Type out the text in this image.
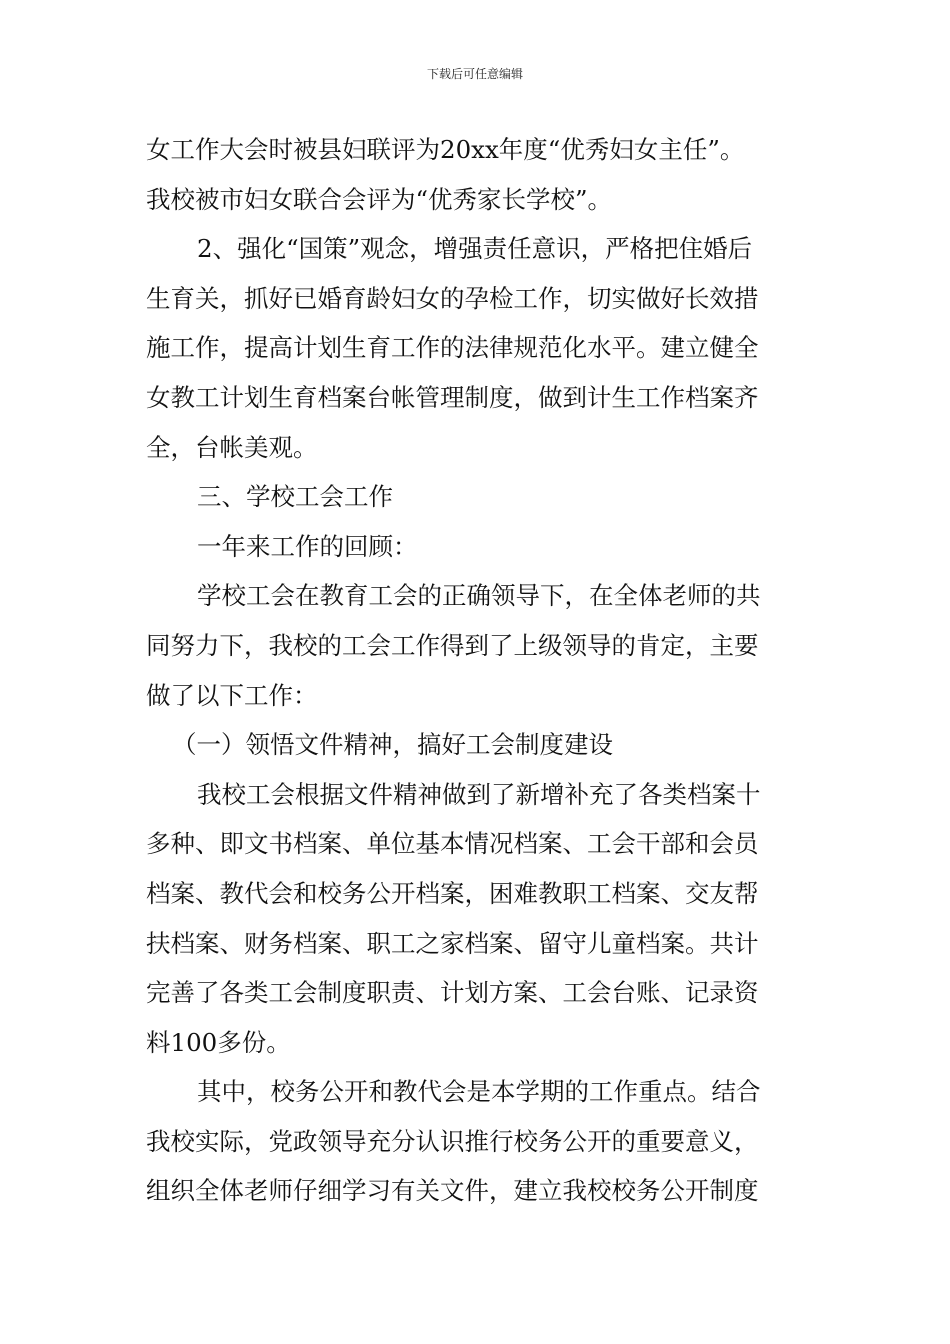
下载后可任意编辑
女工作大会时被县妇联评为20xx年度“优秀妇女主任”。
我校被市妇女联合会评为“优秀家长学校”。
2、强化“国策”观念，增强责任意识，严格把住婚后
生育关，抓好已婚育龄妇女的孕检工作，切实做好长效措
施工作，提高计划生育工作的法律规范化水平。建立健全
女教工计划生育档案台帐管理制度，做到计生工作档案齐
全，台帐美观。
三、学校工会工作
一年来工作的回顾：
学校工会在教育工会的正确领导下，在全体老师的共
同努力下，我校的工会工作得到了上级领导的肯定，主要
做了以下工作：
（一）领悟文件精神，搞好工会制度建设
我校工会根据文件精神做到了新增补充了各类档案十
多种、即文书档案、单位基本情况档案、工会干部和会员
档案、教代会和校务公开档案，困难教职工档案、交友帮
扶档案、财务档案、职工之家档案、留守儿童档案。共计
完善了各类工会制度职责、计划方案、工会台账、记录资
料100多份。
其中，校务公开和教代会是本学期的工作重点。结合
我校实际，党政领导充分认识推行校务公开的重要意义，
组织全体老师仔细学习有关文件，建立我校校务公开制度
